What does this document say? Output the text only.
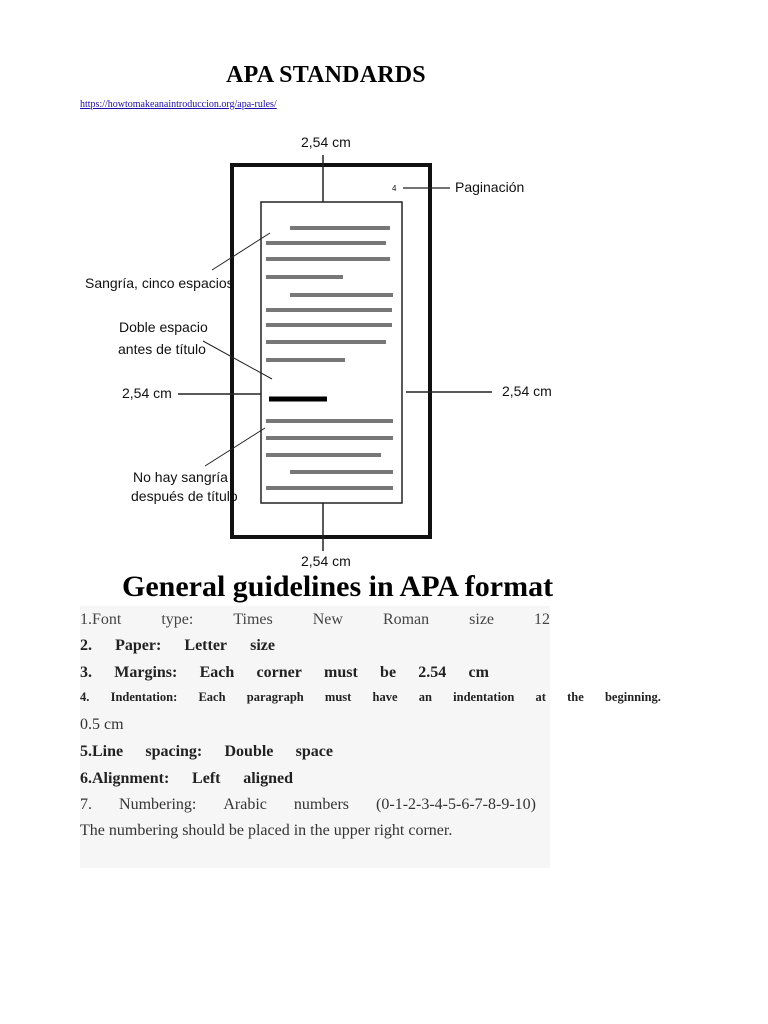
APA STANDARDS
https://howtomakeanaintroduccion.org/apa-rules/
2,54 cm
2,54 cm
2,54 cm	2,54 cm
4	Paginación
Sangría, cinco espacios
Doble espacio
antes de título
No hay sangría
después de título
General guidelines in APA format
1.Font type: Times New Roman size 12
2. Paper: Letter size
3. Margins: Each corner must be 2.54 cm
4. Indentation: Each paragraph must have an indentation at the beginning.
0.5 cm
5.Line spacing: Double space
6.Alignment: Left aligned
7. Numbering: Arabic numbers (0-1-2-3-4-5-6-7-8-9-10)
The numbering should be placed in the upper right corner.
